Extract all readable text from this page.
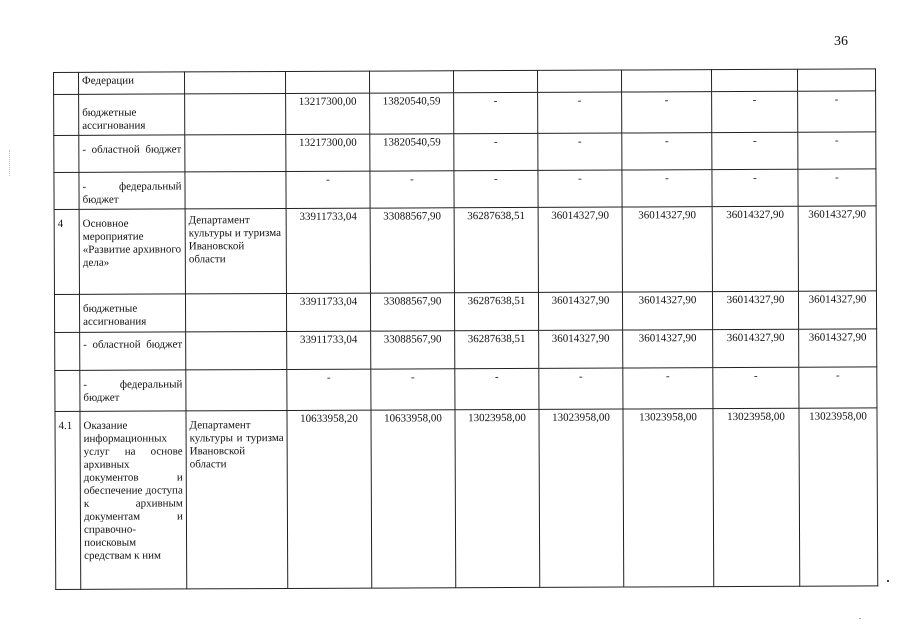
36
	Федерации								
	бюджетные ассигнования		13217300,00	13820540,59	-	-	-	-	-
	- областной бюджет		13217300,00	13820540,59	-	-	-	-	-
	- федеральный бюджет		-	-	-	-	-	-	-
4	Основное мероприятие «Развитие архивного дела»	Департамент культуры и туризма Ивановской области	33911733,04	33088567,90	36287638,51	36014327,90	36014327,90	36014327,90	36014327,90
	бюджетные ассигнования		33911733,04	33088567,90	36287638,51	36014327,90	36014327,90	36014327,90	36014327,90
	- областной бюджет		33911733,04	33088567,90	36287638,51	36014327,90	36014327,90	36014327,90	36014327,90
	- федеральный бюджет		-	-	-	-	-	-	-
4.1	Оказание информационных услуг на основе архивных документов и обеспечение доступа к архивным документам и справочно-поисковым средствам к ним	Департамент культуры и туризма Ивановской области	10633958,20	10633958,00	13023958,00	13023958,00	13023958,00	13023958,00	13023958,00
